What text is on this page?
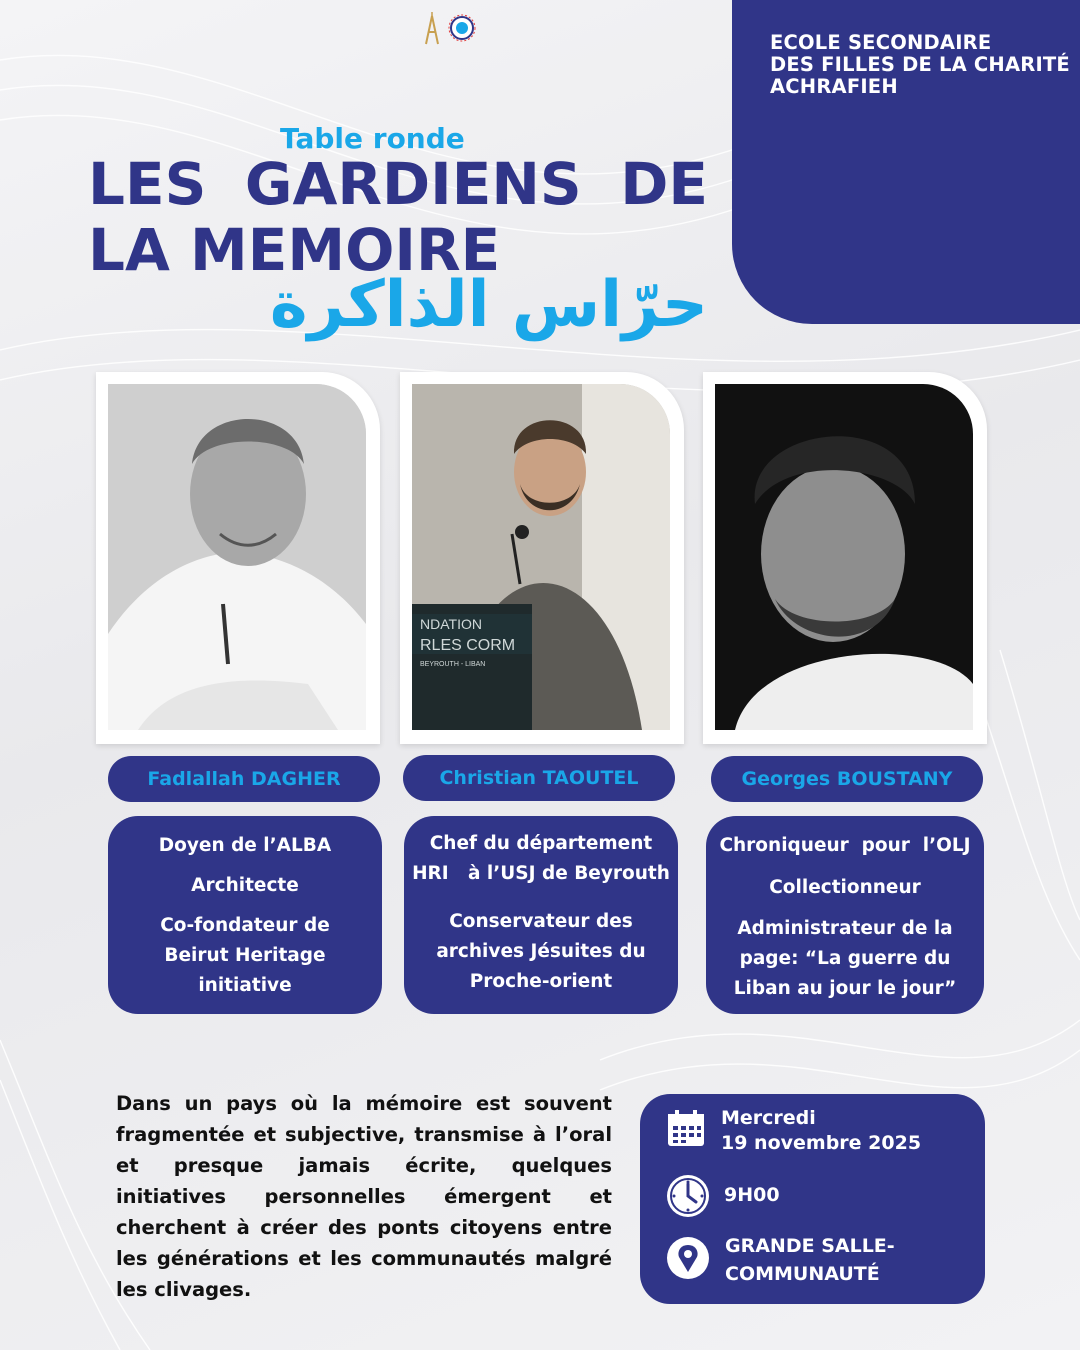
ECOLE SECONDAIRE
DES FILLES DE LA CHARITÉ
ACHRAFIEH
Table ronde
LES GARDIENS DE
LA MEMOIRE
حرّاس الذاكرة
NDATION
RLES CORM
BEYROUTH - LIBAN
Fadlallah DAGHER	Christian TAOUTEL	Georges BOUSTANY

Doyen de l’ALBA

Architecte

Co-fondateur de

Beirut Heritage

initiative

Chef du département

HRI   à l’USJ de Beyrouth

Conservateur des

archives Jésuites du

Proche-orient

Chroniqueur  pour  l’OLJ

Collectionneur

Administrateur de la

page: “La guerre du

Liban au jour le jour”

Dans un pays où la mémoire est souvent fragmentée et subjective, transmise à l’oral et presque jamais écrite, quelques initiatives personnelles émergent et cherchent à créer des ponts citoyens entre les générations et les communautés malgré les clivages.
Mercredi
19 novembre 2025
9H00
GRANDE SALLE-
COMMUNAUTÉ
